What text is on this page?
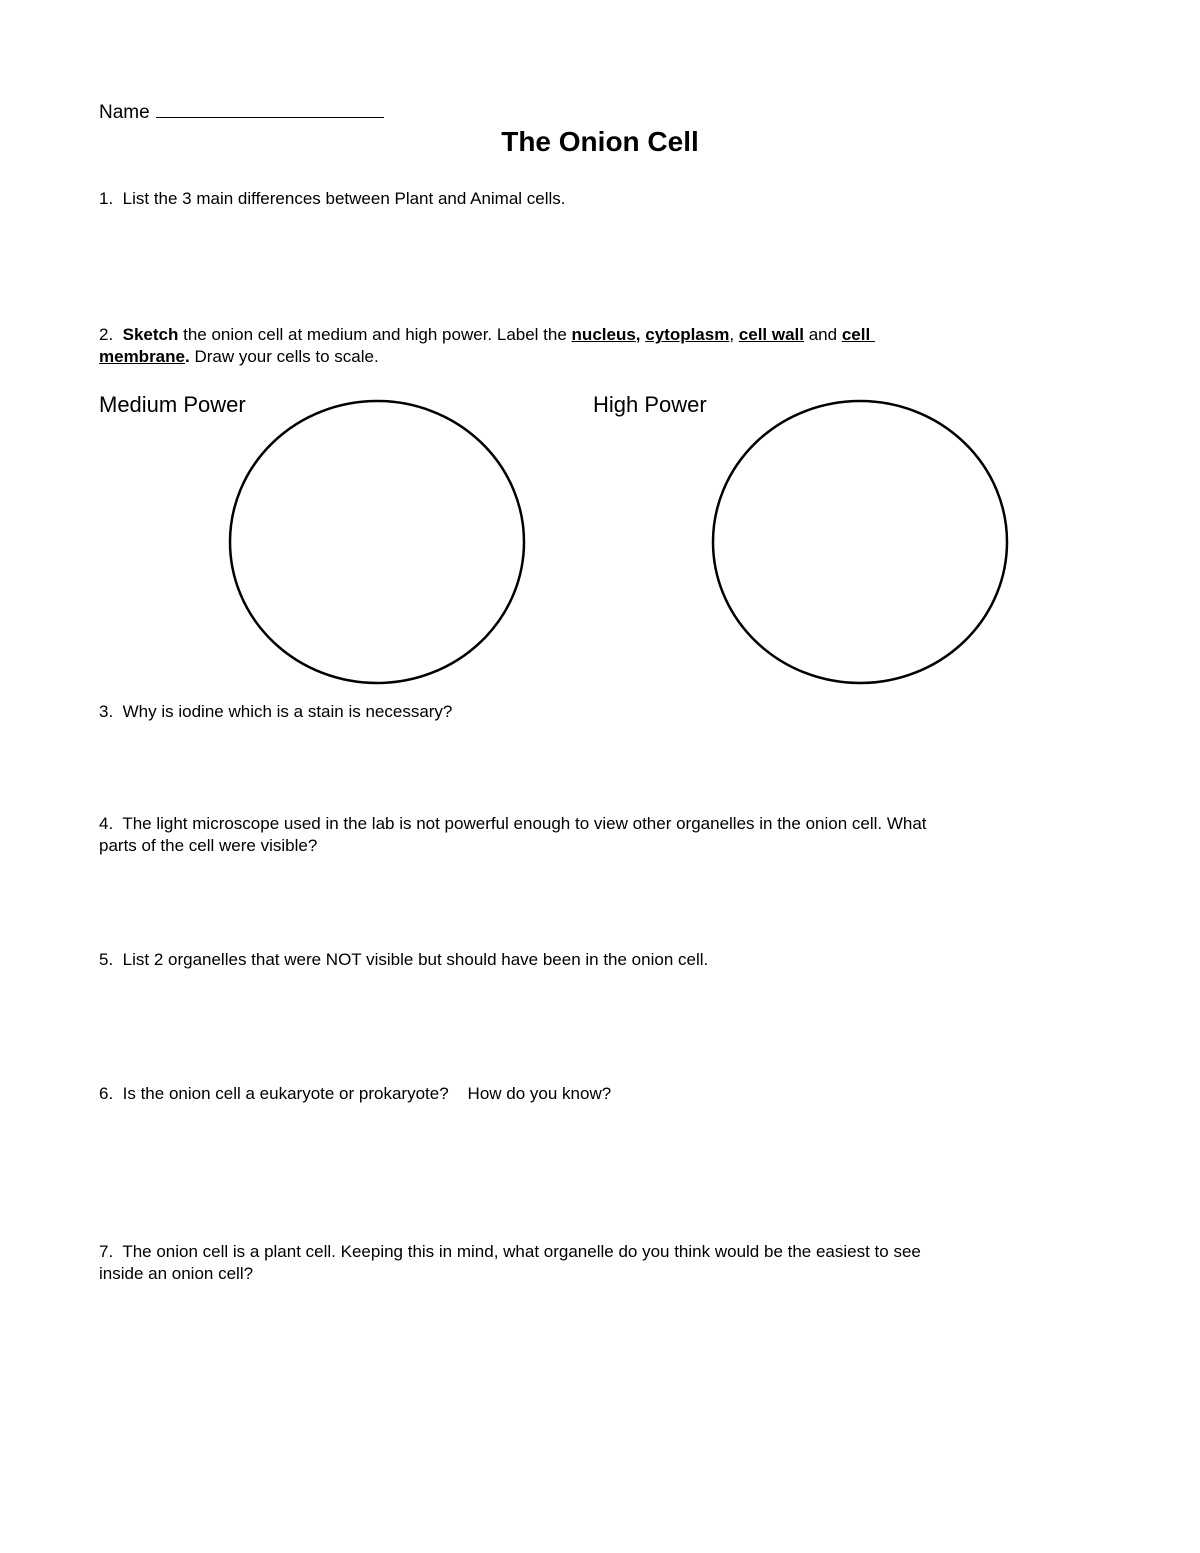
Name
The Onion Cell
1. List the 3 main differences between Plant and Animal cells.
2. Sketch the onion cell at medium and high power. Label the nucleus, cytoplasm, cell wall and cell
membrane. Draw your cells to scale.
Medium Power	High Power
3. Why is iodine which is a stain is necessary?
4. The light microscope used in the lab is not powerful enough to view other organelles in the onion cell. What
parts of the cell were visible?
5. List 2 organelles that were NOT visible but should have been in the onion cell.
6. Is the onion cell a eukaryote or prokaryote?    How do you know?
7. The onion cell is a plant cell. Keeping this in mind, what organelle do you think would be the easiest to see
inside an onion cell?
